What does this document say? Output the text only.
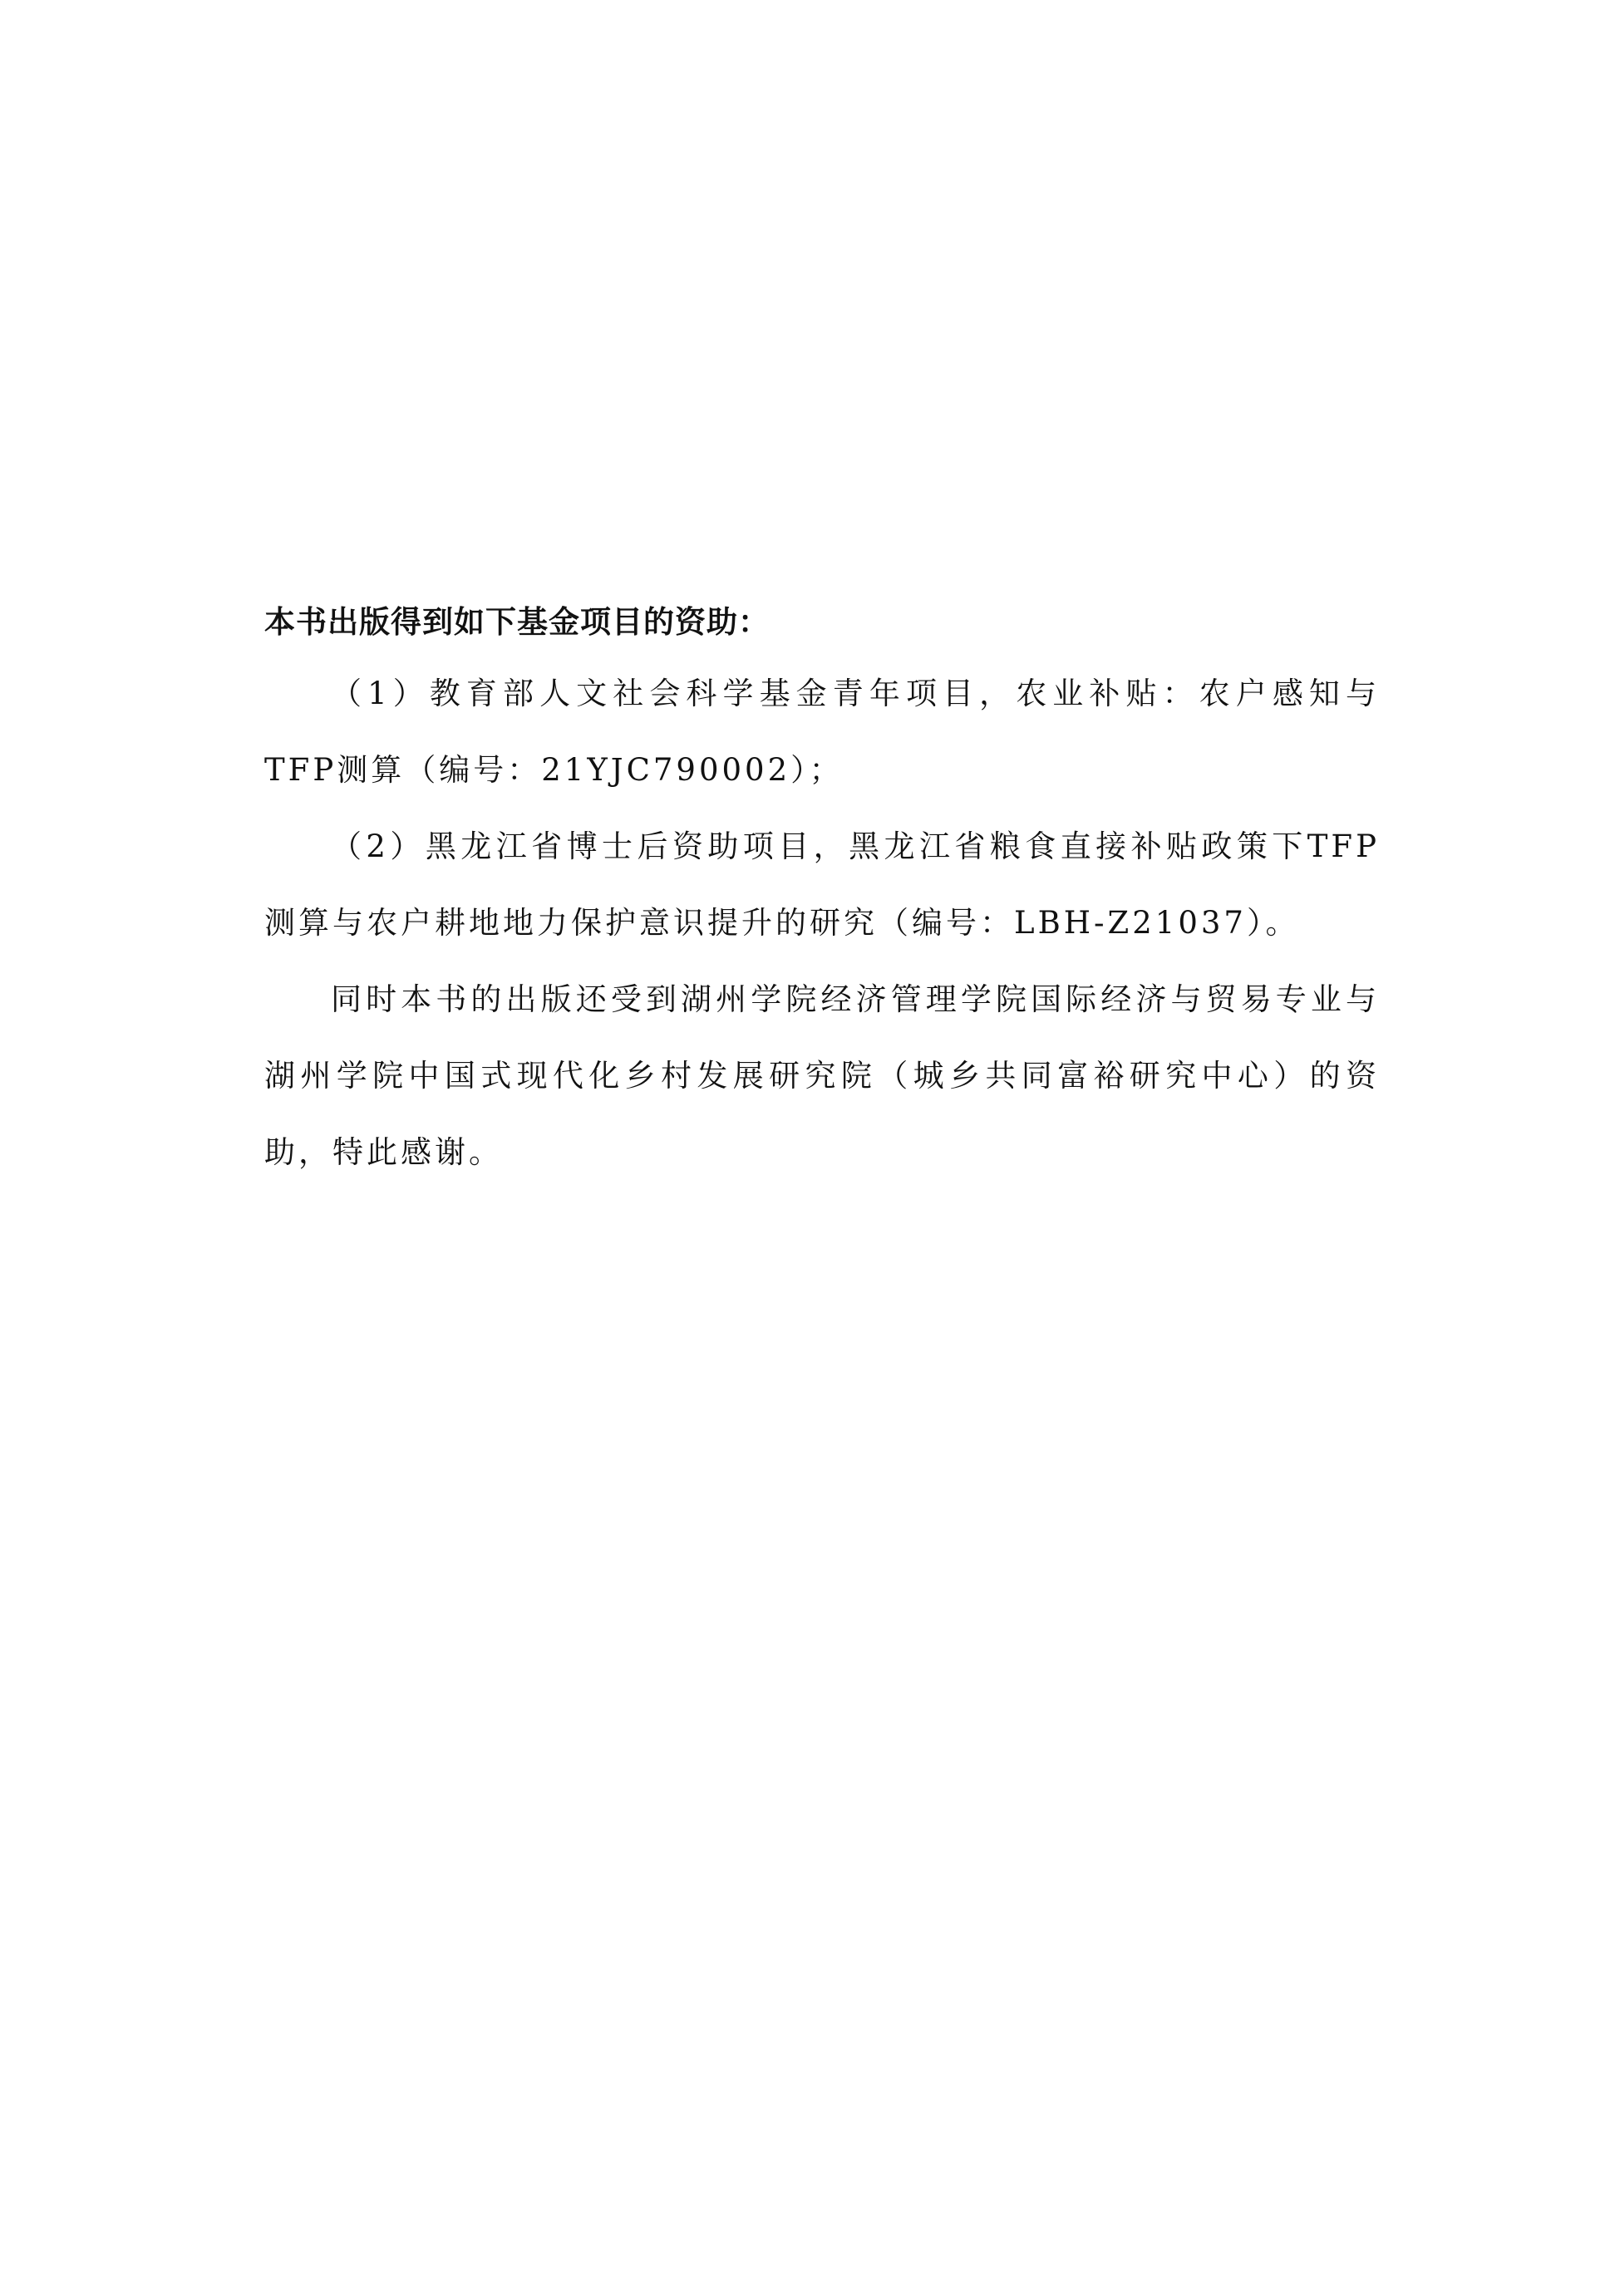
本书出版得到如下基金项目的资助：

（1）教育部人文社会科学基金青年项目，农业补贴：农户感知与TFP测算（编号：21YJC790002）；

（2）黑龙江省博士后资助项目，黑龙江省粮食直接补贴政策下TFP测算与农户耕地地力保护意识提升的研究（编号：LBH-Z21037）。

同时本书的出版还受到湖州学院经济管理学院国际经济与贸易专业与湖州学院中国式现代化乡村发展研究院（城乡共同富裕研究中心）的资助，特此感谢。
